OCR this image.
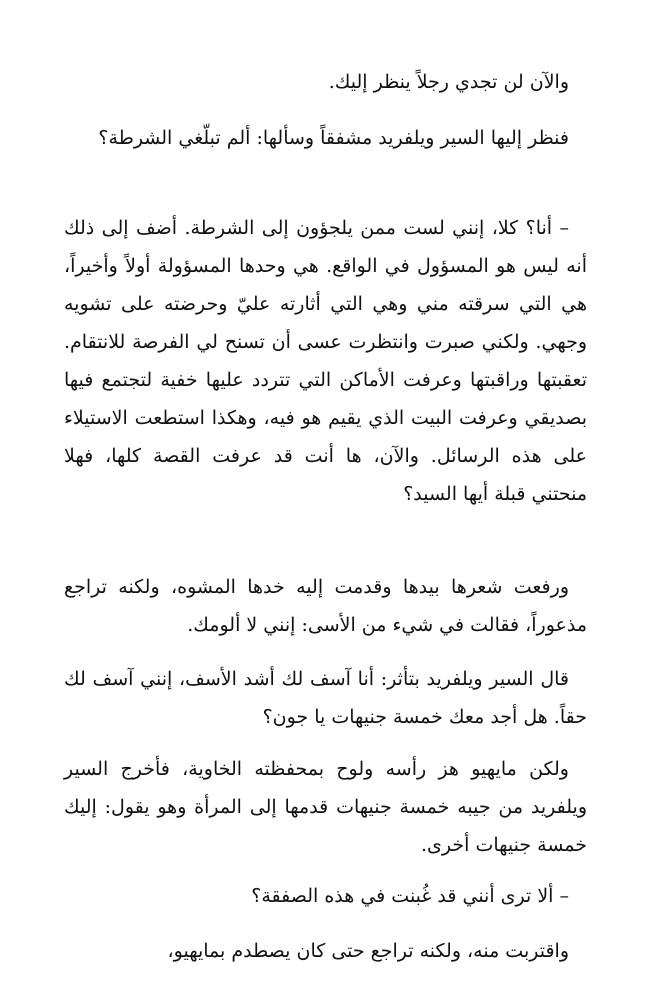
والآن لن تجدي رجلاً ينظر إليك.

فنظر إليها السير ويلفريد مشفقاً وسألها: ألم تبلّغي الشرطة؟

– أنا؟ كلا، إنني لست ممن يلجؤون إلى الشرطة. أضف إلى ذلك أنه ليس هو المسؤول في الواقع. هي وحدها المسؤولة أولاً وأخيراً، هي التي سرقته مني وهي التي أثارته عليّ وحرضته على تشويه وجهي. ولكني صبرت وانتظرت عسى أن تسنح لي الفرصة للانتقام. تعقبتها وراقبتها وعرفت الأماكن التي تتردد عليها خفية لتجتمع فيها بصديقي وعرفت البيت الذي يقيم هو فيه، وهكذا استطعت الاستيلاء على هذه الرسائل. والآن، ها أنت قد عرفت القصة كلها، فهلا منحتني قبلة أيها السيد؟

ورفعت شعرها بيدها وقدمت إليه خدها المشوه، ولكنه تراجع مذعوراً، فقالت في شيء من الأسى: إنني لا ألومك.

قال السير ويلفريد بتأثر: أنا آسف لك أشد الأسف، إنني آسف لك حقاً. هل أجد معك خمسة جنيهات يا جون؟

ولكن مايهيو هز رأسه ولوح بمحفظته الخاوية، فأخرج السير ويلفريد من جيبه خمسة جنيهات قدمها إلى المرأة وهو يقول: إليك خمسة جنيهات أخرى.

– ألا ترى أنني قد غُبنت في هذه الصفقة؟

واقتربت منه، ولكنه تراجع حتى كان يصطدم بمايهيو،
